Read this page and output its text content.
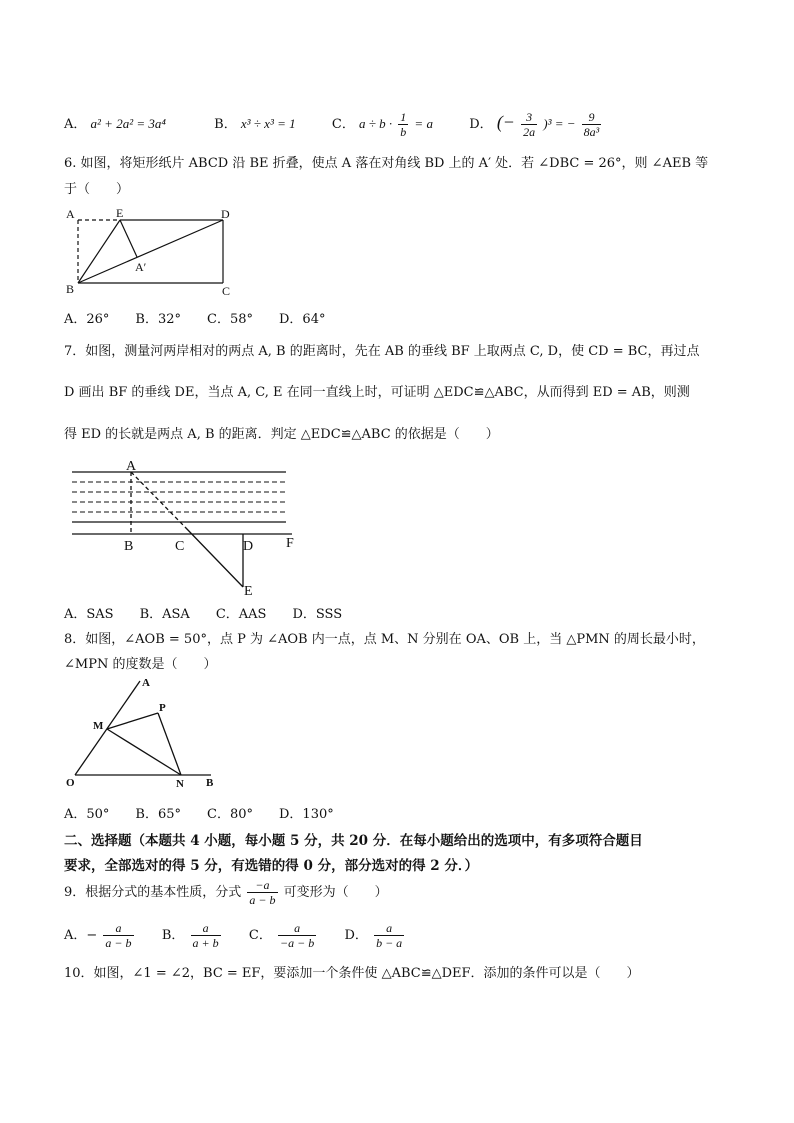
A． a² + 2a² = 3a⁴	B． x³ ÷ x³ = 1	C． $a \div b \cdot \frac{1}{b} = a$	D． (− $\frac{3}{2a} )^3$ = − $\frac{9}{\text{8a³}}$
6. 如图，将矩形纸片 ABCD 沿 BE 折叠，使点 A 落在对角线 BD 上的 A′ 处．若 ∠DBC = 26°，则 ∠AEB 等
于（　　）
A	E	D
A′
B	C
A．26°　　B．32°　　C．58°　　D．64°
7．如图，测量河两岸相对的两点 A, B 的距离时，先在 AB 的垂线 BF 上取两点 C, D，使 CD = BC，再过点
D 画出 BF 的垂线 DE，当点 A, C, E 在同一直线上时，可证明 △EDC≌△ABC，从而得到 ED = AB，则测
得 ED 的长就是两点 A, B 的距离．判定 △EDC≌△ABC 的依据是（　　）
A
B	C	D F
E
A．SAS　　B．ASA　　C．AAS　　D．SSS
8．如图，∠AOB = 50°，点 P 为 ∠AOB 内一点，点 M、N 分别在 OA、OB 上，当 △PMN 的周长最小时，
∠MPN 的度数是（　　）
A
P
M
O	N B
A．50°　　B．65°　　C．80°　　D．130°
二、选择题（本题共 4 小题，每小题 5 分，共 20 分．在每小题给出的选项中，有多项符合题目
要求，全部选对的得 5 分，有选错的得 0 分，部分选对的得 2 分．）
9．根据分式的基本性质，分式 $\frac{-a}{a - b}$ 可变形为（　　）
A．− $\frac{a}{a - b}$ B． $\frac{a}{a + b}$ C． $\frac{a}{-a - b}$ D． $\frac{a}{b - a}$
10．如图，∠1 = ∠2，BC = EF，要添加一个条件使 △ABC≌△DEF．添加的条件可以是（　　）
